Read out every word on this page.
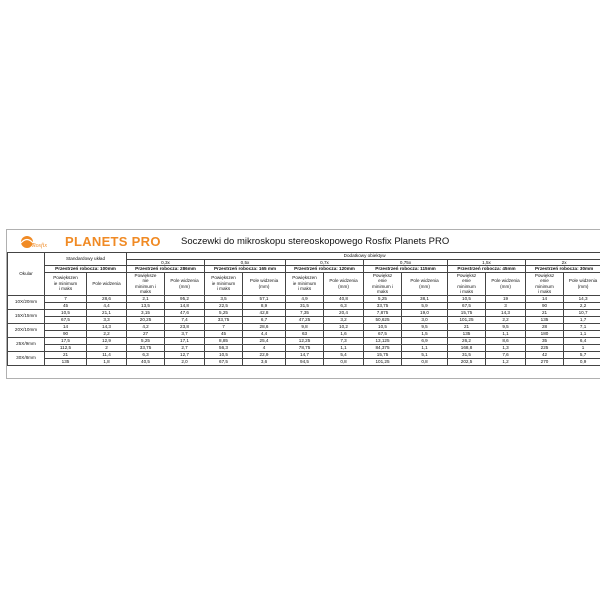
Rosfix PLANETS PRO Soczewki do mikroskopu stereoskopowego Rosfix Planets PRO
Okular	Standardowy układ		Dodatkowy obiektyw											
			0,3x		0,5x		0,7x		0,75x		1,5x		2x	
	Przestrzeń robocza: 100mm		Przestrzeń robocza: 286mm		Przestrzeń robocza: 165 mm		Przestrzeń robocza: 120mm		Przestrzeń robocza: 115mm		Przestrzeń robocza: 45mm		Przestrzeń robocza: 30mm	
	Powiększen
ie minimum
i maks	Pole widzenia	Powiększe
nie
minimum i
maks	Pole widzenia
(mm)	Powiększen
ie minimum
i maks	Pole widzenia
(mm)	Powiększen
ie minimum
i maks	Pole widzenia
(mm)	Powiększ
enie
minimum i
maks	Pole widzenia
(mm)	Powiększ
enie
minimum
i maks	Pole widzenia
(mm)	Powiększ
enie
minimum
i maks	Pole widzenia
(mm)
10X/20mm	7	28,6	2,1	95,2	3,5	57,1	4,9	40,8	5,25	38,1	10,5	19	14	14,3
	45	4,4	13,5	14,8	22,5	8,9	31,5	6,3	33,75	5,9	67,5	3	90	2,2
15X/15mm	10,5	21,1	3,15	47,6	5,25	42,8	7,35	20,4	7,875	19,0	15,75	14,3	21	10,7
	67,5	3,3	20,25	7,4	33,75	6,7	47,25	3,2	50,625	3,0	101,25	2,2	135	1,7
20X/10mm	14	14,3	4,2	23,8	7	28,6	9,8	10,2	10,5	9,5	21	9,5	28	7,1
	90	2,2	27	3,7	45	4,4	63	1,6	67,5	1,5	135	1,1	180	1,1
25X/9mm	17,5	12,9	5,25	17,1	8,85	25,4	12,25	7,3	13,125	6,9	26,2	8,6	35	6,4
	112,5	2	33,75	2,7	56,3	4	78,75	1,1	84,375	1,1	168,8	1,3	225	1
30X/8mm	21	11,4	6,3	12,7	10,5	22,9	14,7	5,4	15,75	5,1	31,5	7,6	42	5,7
	135	1,8	40,5	2,0	67,5	3,6	94,5	0,8	101,25	0,8	202,5	1,2	270	0,9
